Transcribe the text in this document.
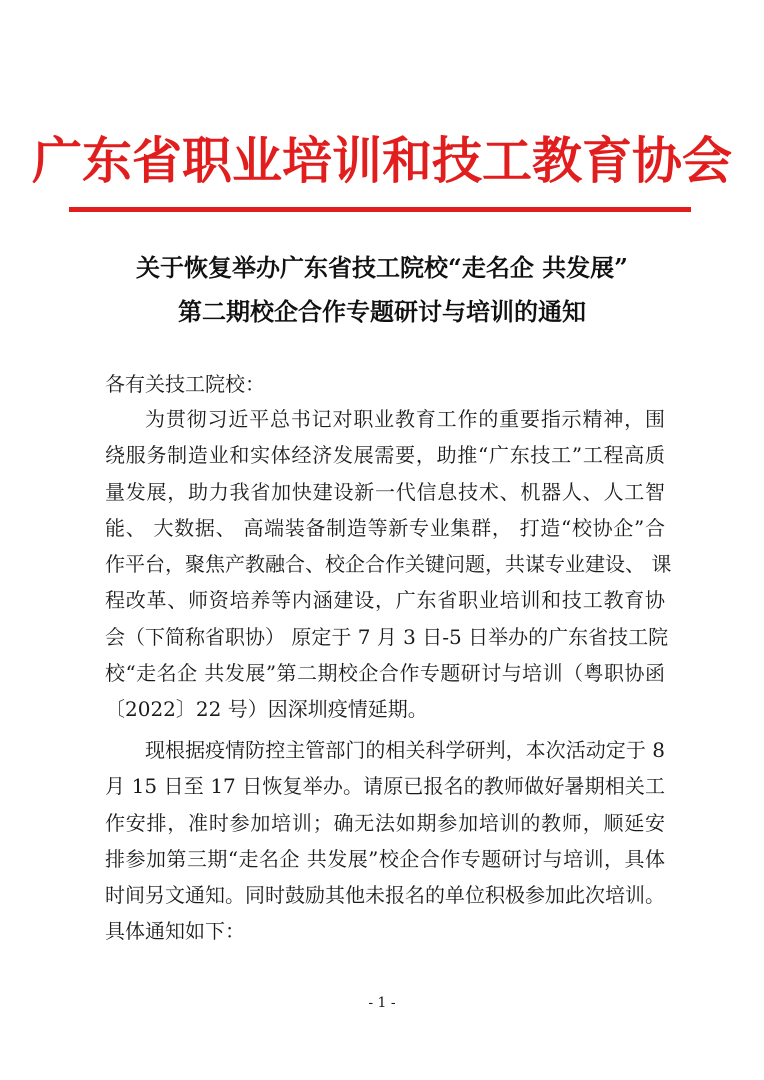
广东省职业培训和技工教育协会
关于恢复举办广东省技工院校“走名企 共发展”
第二期校企合作专题研讨与培训的通知
各有关技工院校：
为贯彻习近平总书记对职业教育工作的重要指示精神，围
绕服务制造业和实体经济发展需要，助推“广东技工”工程高质
量发展，助力我省加快建设新一代信息技术、机器人、人工智
能、 大数据、 高端装备制造等新专业集群， 打造“校协企”合
作平台，聚焦产教融合、校企合作关键问题，共谋专业建设、 课
程改革、师资培养等内涵建设，广东省职业培训和技工教育协
会（下简称省职协） 原定于 7 月 3 日-5 日举办的广东省技工院
校“走名企 共发展”第二期校企合作专题研讨与培训（粤职协函
〔2022〕22 号）因深圳疫情延期。
现根据疫情防控主管部门的相关科学研判，本次活动定于 8
月 15 日至 17 日恢复举办。请原已报名的教师做好暑期相关工
作安排，准时参加培训；确无法如期参加培训的教师，顺延安
排参加第三期“走名企 共发展”校企合作专题研讨与培训，具体
时间另文通知。同时鼓励其他未报名的单位积极参加此次培训。
具体通知如下：
- 1 -
